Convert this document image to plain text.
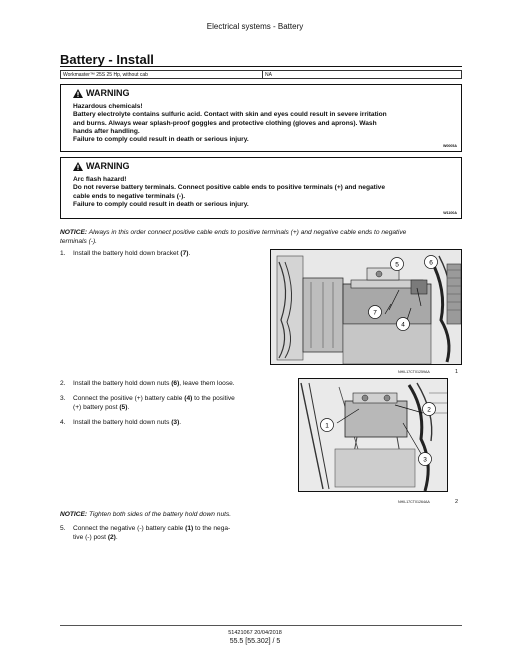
Electrical systems - Battery
Battery - Install
Workmaster™ 25S 25 Hp, without cab	NA
WARNING
Hazardous chemicals!
Battery electrolyte contains sulfuric acid. Contact with skin and eyes could result in severe irritation
and burns. Always wear splash-proof goggles and protective clothing (gloves and aprons). Wash
hands after handling.
Failure to comply could result in death or serious injury.
W0005A
WARNING
Arc flash hazard!
Do not reverse battery terminals. Connect positive cable ends to positive terminals (+) and negative
cable ends to negative terminals (-).
Failure to comply could result in death or serious injury.
W1100A
NOTICE: Always in this order connect positive cable ends to positive terminals (+) and negative cable ends to negative
terminals (-).
1.	Install the battery hold down bracket (7).
5	6
7
4
NHIL17CT01259AA	1
2.	Install the battery hold down nuts (6), leave them loose.
3.	Connect the positive (+) battery cable (4) to the positive
(+) battery post (5).
4.	Install the battery hold down nuts (3).	1
2
3
NHIL17CT01264AA	2
NOTICE: Tighten both sides of the battery hold down nuts.
5.	Connect the negative (-) battery cable (1) to the nega-
tive (-) post (2).
51421067 20/04/2018
55.5 [55.302] / 5
